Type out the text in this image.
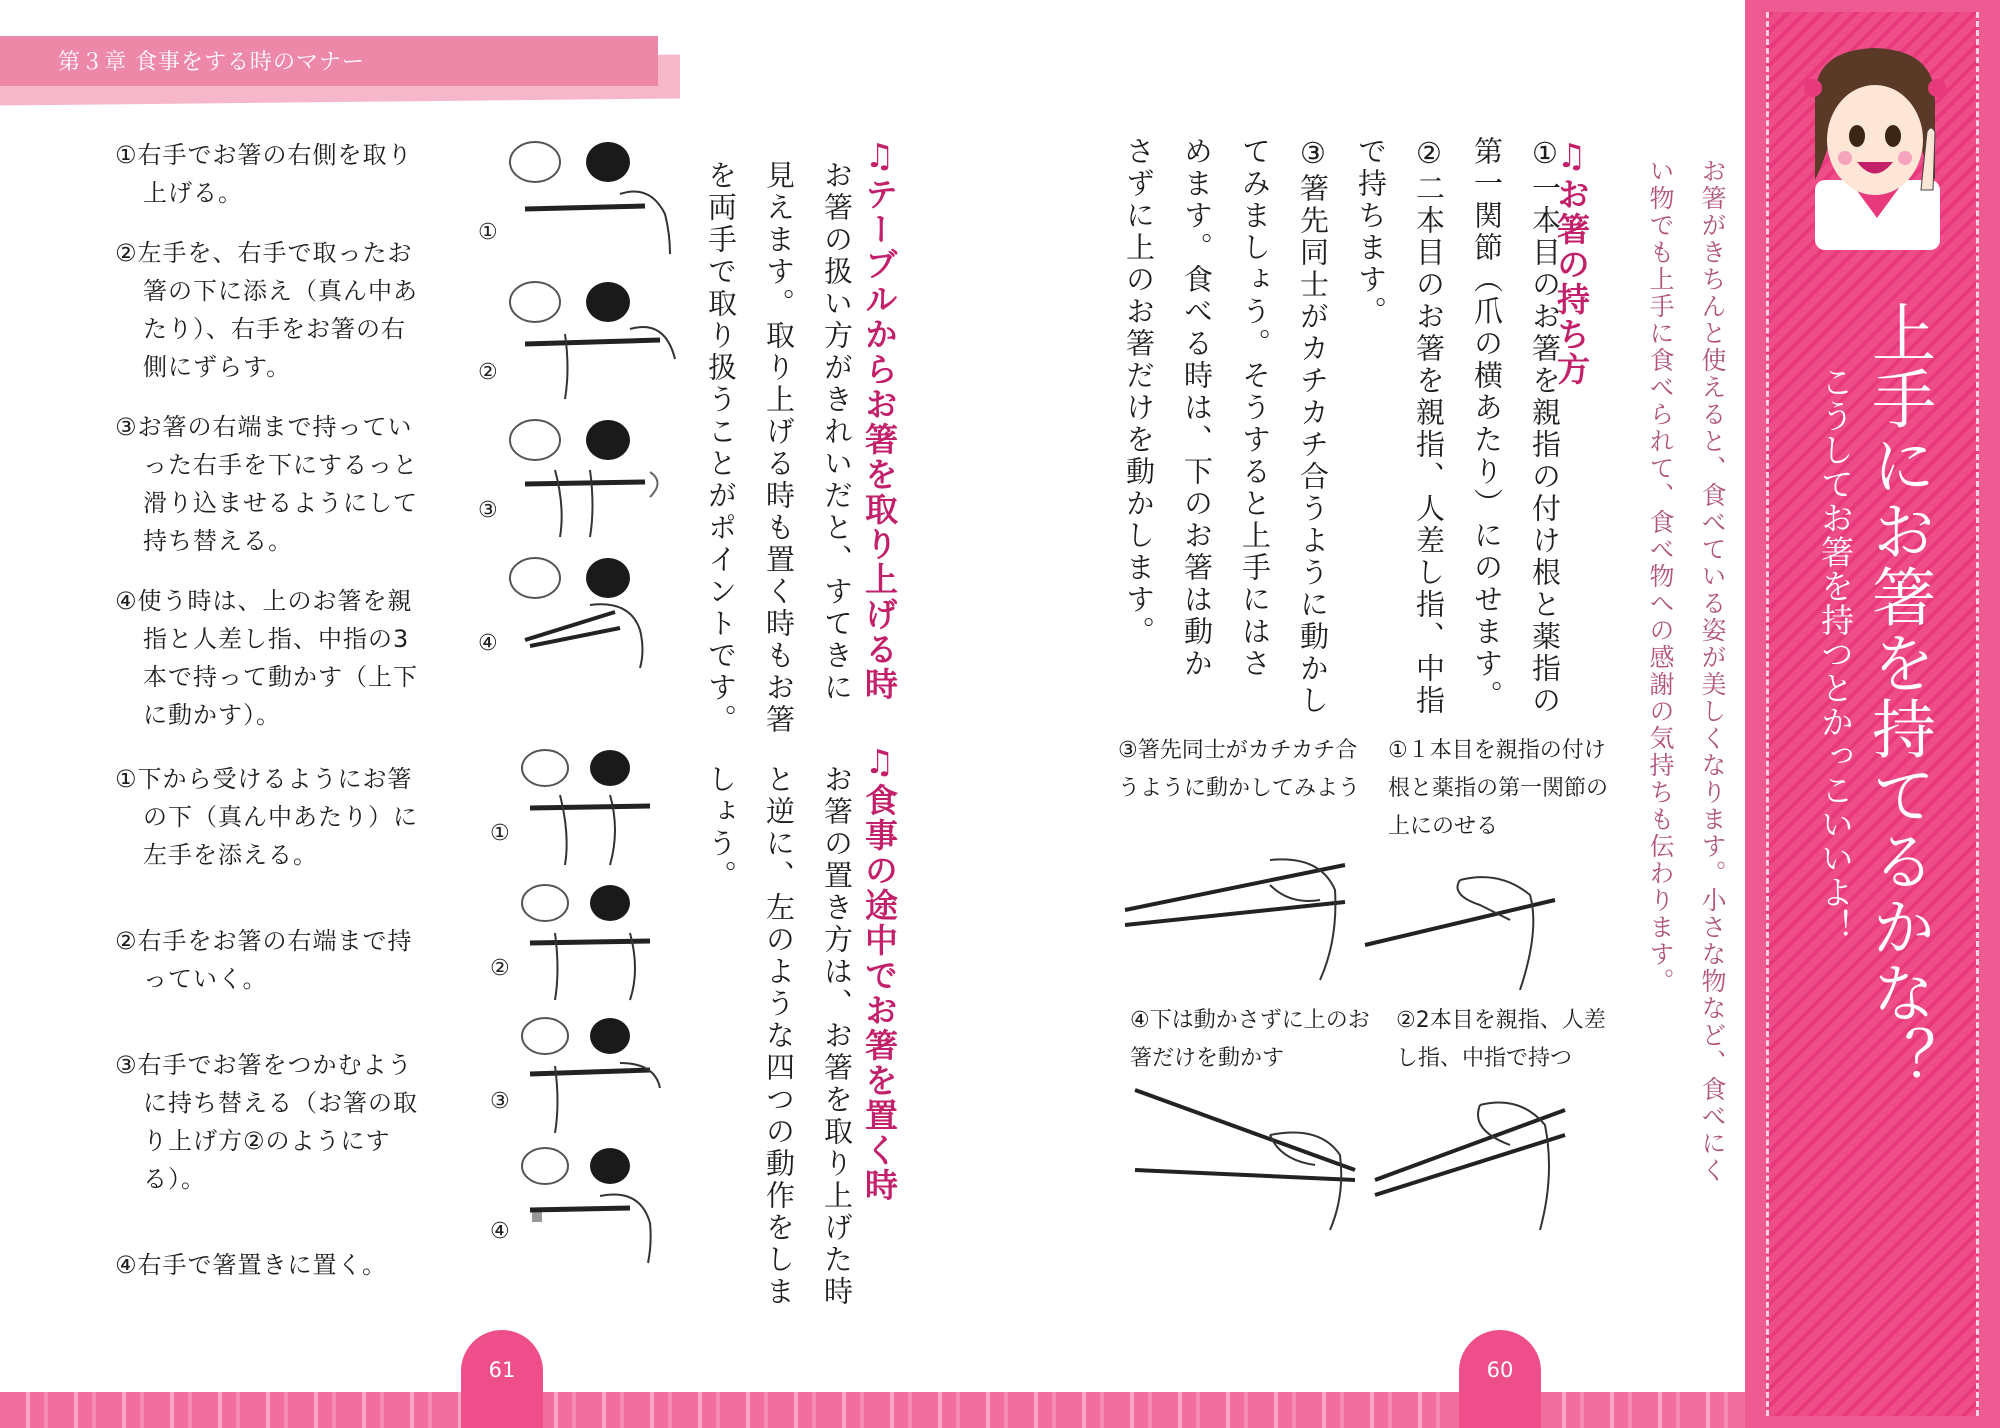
第３章 食事をする時のマナー
上手にお箸を持てるかな？
こうしてお箸を持つとかっこいいよ！
お箸がきちんと使えると、食べている姿が美しくなります。小さな物など、食べにく
い物でも上手に食べられて、食べ物への感謝の気持ちも伝わります。
♫お箸の持ち方
①一本目のお箸を親指の付け根と薬指の
第一関節（爪の横あたり）にのせます。
②二本目のお箸を親指、人差し指、中指
で持ちます。
③箸先同士がカチカチ合うように動かし
てみましょう。そうすると上手にはさ
めます。食べる時は、下のお箸は動か
さずに上のお箸だけを動かします。
①１本目を親指の付け根と薬指の第一関節の上にのせる
③箸先同士がカチカチ合うように動かしてみよう
②2本目を親指、人差し指、中指で持つ
④下は動かさずに上のお箸だけを動かす
♫テーブルからお箸を取り上げる時
お箸の扱い方がきれいだと、すてきに
見えます。取り上げる時も置く時もお箸
を両手で取り扱うことがポイントです。
①右手でお箸の右側を取り上げる。
②左手を、右手で取ったお箸の下に添え（真ん中あたり）、右手をお箸の右側にずらす。
③お箸の右端まで持っていった右手を下にするっと滑り込ませるようにして持ち替える。
④使う時は、上のお箸を親指と人差し指、中指の3本で持って動かす（上下に動かす）。
①
②
③
④
♫食事の途中でお箸を置く時
お箸の置き方は、お箸を取り上げた時
と逆に、左のような四つの動作をしま
しょう。
①下から受けるようにお箸の下（真ん中あたり）に左手を添える。
②右手をお箸の右端まで持っていく。
③右手でお箸をつかむように持ち替える（お箸の取り上げ方②のようにする）。
④右手で箸置きに置く。
①
②
③
④
61	60
